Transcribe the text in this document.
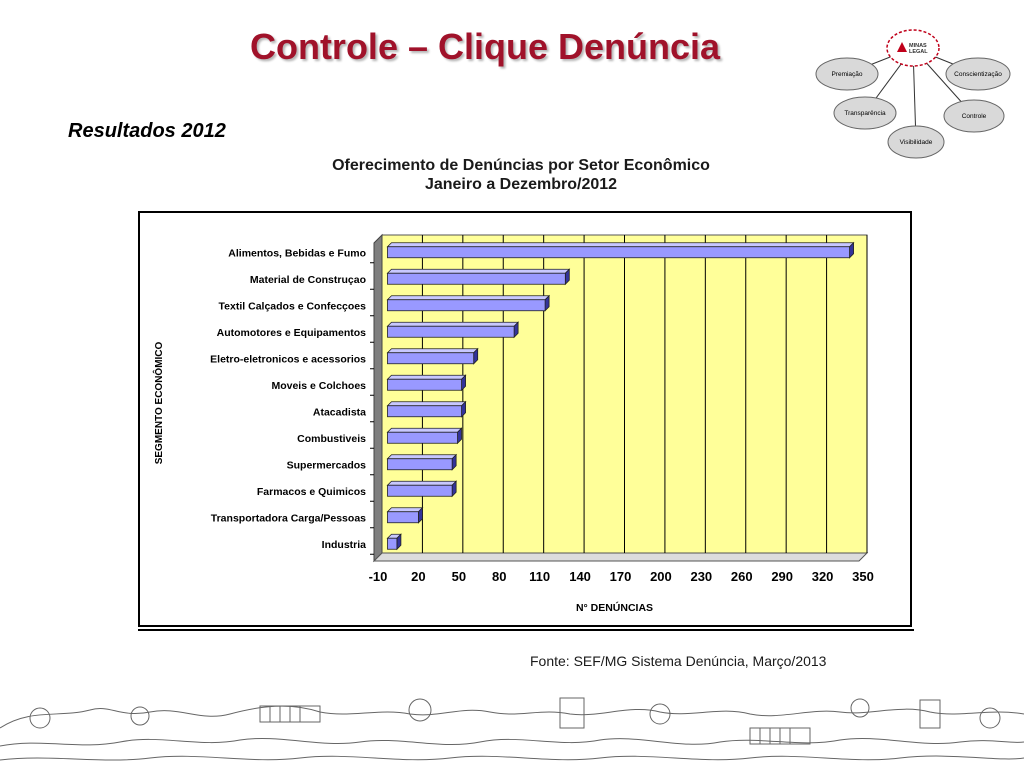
Controle – Clique Denúncia
Resultados 2012
Oferecimento de Denúncias por Setor Econômico
Janeiro a Dezembro/2012
MINAS
LEGAL
Premiação	Conscientização
Transparência	Controle
Visibilidade
-10 20 50 80 110 140 170 200 230 260 290 320 350
Alimentos, Bebidas e Fumo
Material de Construçao
Textil Calçados e Confecçoes
Automotores e Equipamentos
Eletro-eletronicos e acessorios
Moveis e Colchoes
Atacadista
Combustiveis
Supermercados
Farmacos e Quimicos
Transportadora Carga/Pessoas
Industria
N° DENÚNCIAS
SEGMENTO ECONÔMICO
Fonte: SEF/MG Sistema Denúncia, Março/2013
